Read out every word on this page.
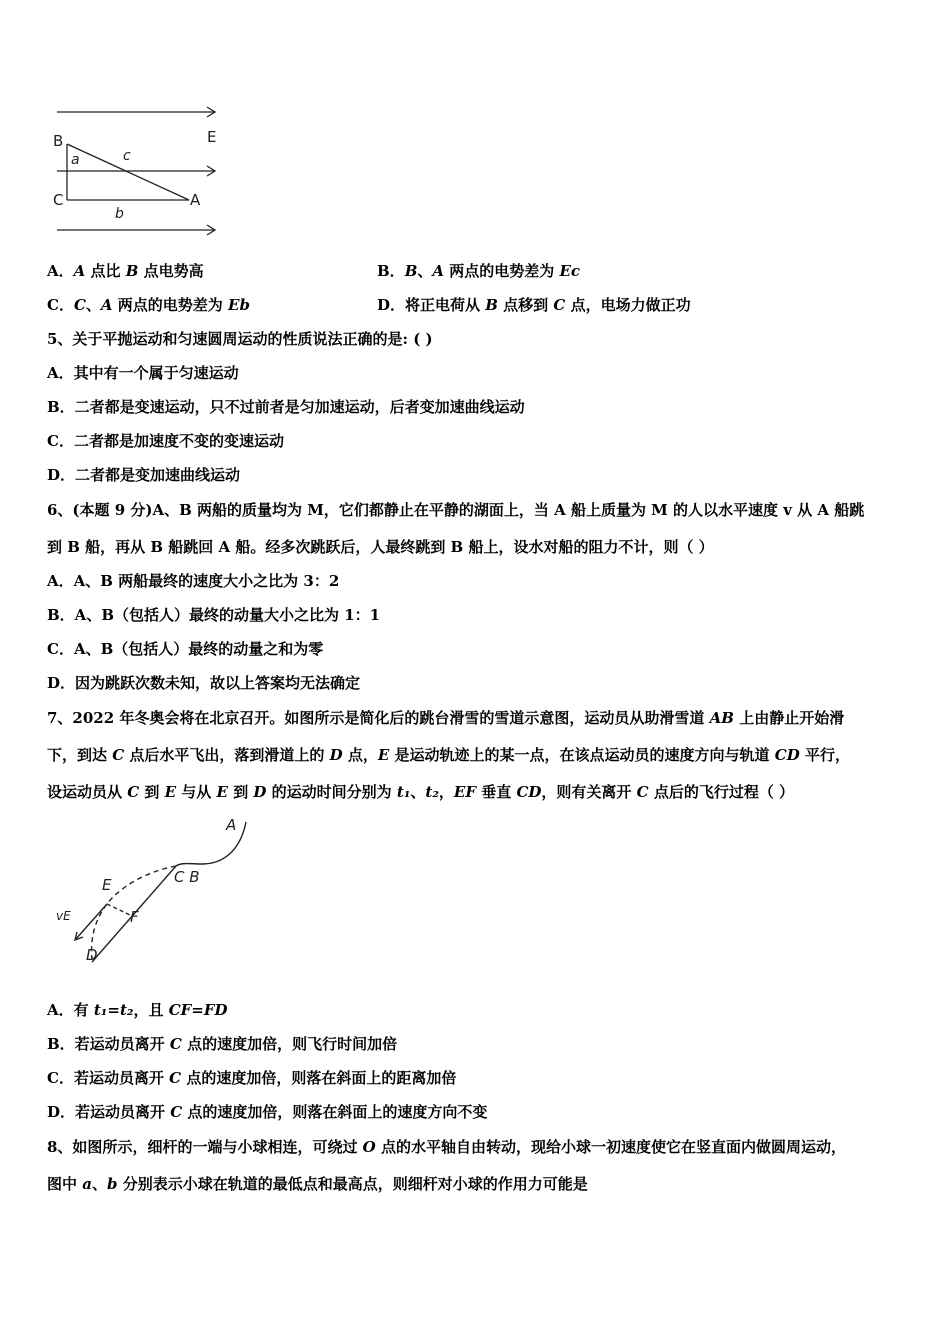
B	E
a	c
C	A
b
A．A 点比 B 点电势高	B．B、A 两点的电势差为 Ec
C．C、A 两点的电势差为 Eb	D．将正电荷从 B 点移到 C 点，电场力做正功
5、关于平抛运动和匀速圆周运动的性质说法正确的是: ( )
A．其中有一个属于匀速运动
B．二者都是变速运动，只不过前者是匀加速运动，后者变加速曲线运动
C．二者都是加速度不变的变速运动
D．二者都是变加速曲线运动
6、(本题 9 分)A、B 两船的质量均为 M，它们都静止在平静的湖面上，当 A 船上质量为 M 的人以水平速度 v 从 A 船跳
到 B 船，再从 B 船跳回 A 船。经多次跳跃后，人最终跳到 B 船上，设水对船的阻力不计，则（ ）
A．A、B 两船最终的速度大小之比为 3：2
B．A、B（包括人）最终的动量大小之比为 1：1
C．A、B（包括人）最终的动量之和为零
D．因为跳跃次数未知，故以上答案均无法确定
7、2022 年冬奥会将在北京召开。如图所示是简化后的跳台滑雪的雪道示意图，运动员从助滑雪道 AB 上由静止开始滑
下，到达 C 点后水平飞出，落到滑道上的 D 点，E 是运动轨迹上的某一点，在该点运动员的速度方向与轨道 CD 平行，
设运动员从 C 到 E 与从 E 到 D 的运动时间分别为 t₁、t₂，EF 垂直 CD，则有关离开 C 点后的飞行过程（ ）
A
E	C B
vE	F
D
A．有 t₁=t₂，且 CF=FD
B．若运动员离开 C 点的速度加倍，则飞行时间加倍
C．若运动员离开 C 点的速度加倍，则落在斜面上的距离加倍
D．若运动员离开 C 点的速度加倍，则落在斜面上的速度方向不变
8、如图所示，细杆的一端与小球相连，可绕过 O 点的水平轴自由转动，现给小球一初速度使它在竖直面内做圆周运动，
图中 a、b 分别表示小球在轨道的最低点和最高点，则细杆对小球的作用力可能是
